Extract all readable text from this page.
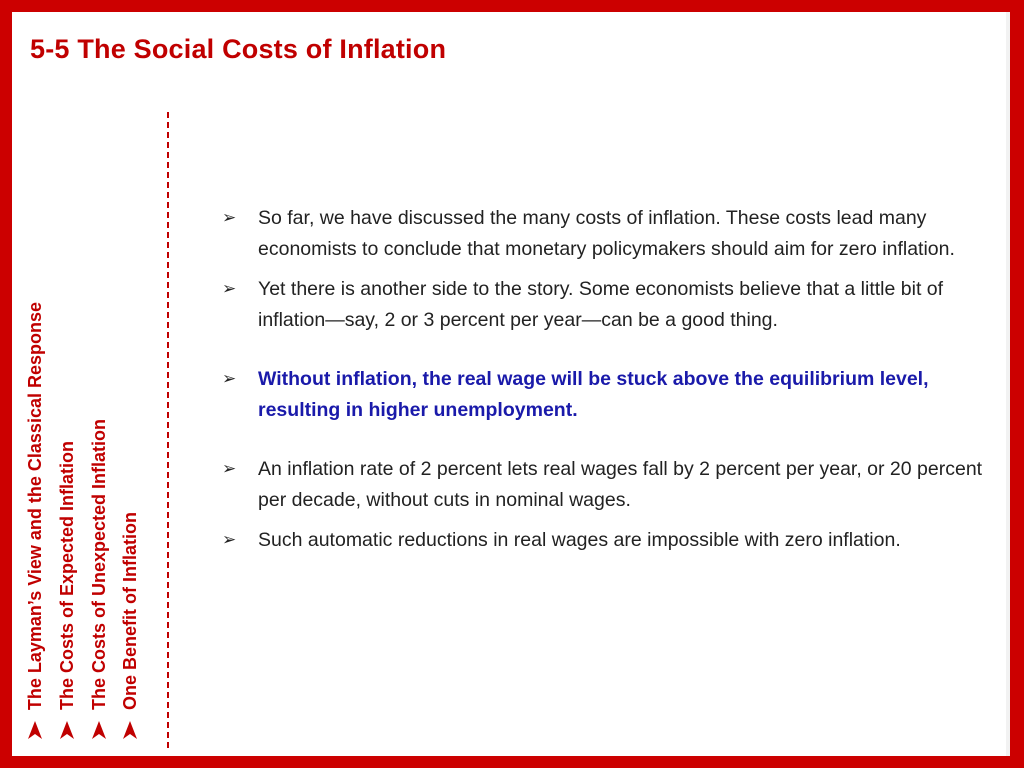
5-5 The Social Costs of Inflation
The Layman’s View and the Classical Response The Costs of Expected Inflation The Costs of Unexpected Inflation One Benefit of Inflation
➢ So far, we have discussed the many costs of inflation. These costs lead many economists to conclude that monetary policymakers should aim for zero inflation.
➢ Yet there is another side to the story. Some economists believe that a little bit of inflation—say, 2 or 3 percent per year—can be a good thing.
➢ Without inflation, the real wage will be stuck above the equilibrium level, resulting in higher unemployment.
➢ An inflation rate of 2 percent lets real wages fall by 2 percent per year, or 20 percent per decade, without cuts in nominal wages.
➢ Such automatic reductions in real wages are impossible with zero inflation.
